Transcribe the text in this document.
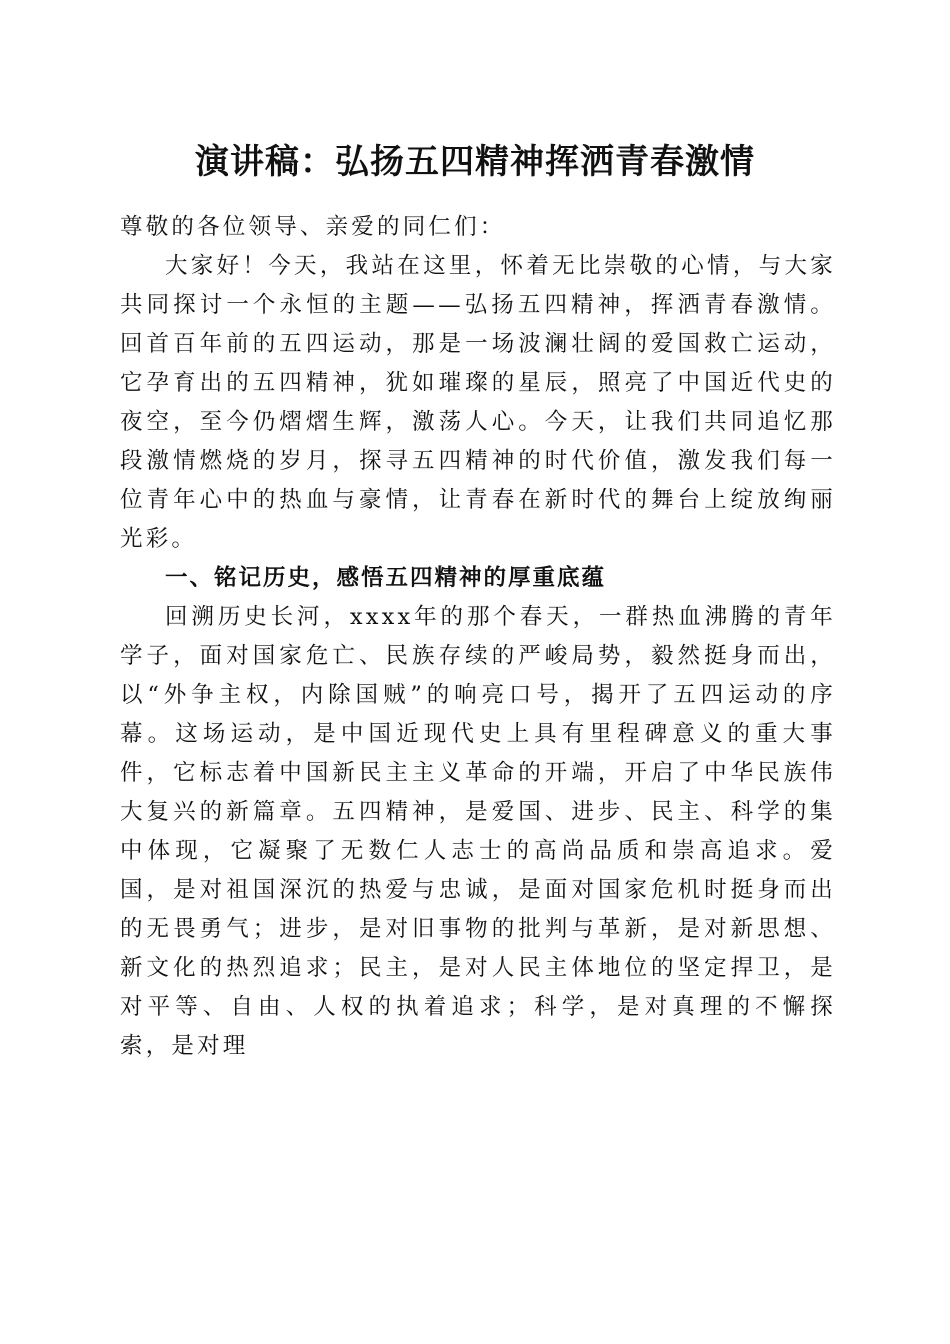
演讲稿：弘扬五四精神挥洒青春激情

尊敬的各位领导、亲爱的同仁们：

大家好！今天，我站在这里，怀着无比崇敬的心情，与大家共同探讨一个永恒的主题——弘扬五四精神，挥洒青春激情。回首百年前的五四运动，那是一场波澜壮阔的爱国救亡运动，它孕育出的五四精神，犹如璀璨的星辰，照亮了中国近代史的夜空，至今仍熠熠生辉，激荡人心。今天，让我们共同追忆那段激情燃烧的岁月，探寻五四精神的时代价值，激发我们每一位青年心中的热血与豪情，让青春在新时代的舞台上绽放绚丽光彩。

一、铭记历史，感悟五四精神的厚重底蕴

回溯历史长河，xxxx年的那个春天，一群热血沸腾的青年学子，面对国家危亡、民族存续的严峻局势，毅然挺身而出，以“外争主权，内除国贼”的响亮口号，揭开了五四运动的序幕。这场运动，是中国近现代史上具有里程碑意义的重大事件，它标志着中国新民主主义革命的开端，开启了中华民族伟大复兴的新篇章。五四精神，是爱国、进步、民主、科学的集中体现，它凝聚了无数仁人志士的高尚品质和崇高追求。爱国，是对祖国深沉的热爱与忠诚，是面对国家危机时挺身而出的无畏勇气；进步，是对旧事物的批判与革新，是对新思想、新文化的热烈追求；民主，是对人民主体地位的坚定捍卫，是对平等、自由、人权的执着追求；科学，是对真理的不懈探索，是对理
